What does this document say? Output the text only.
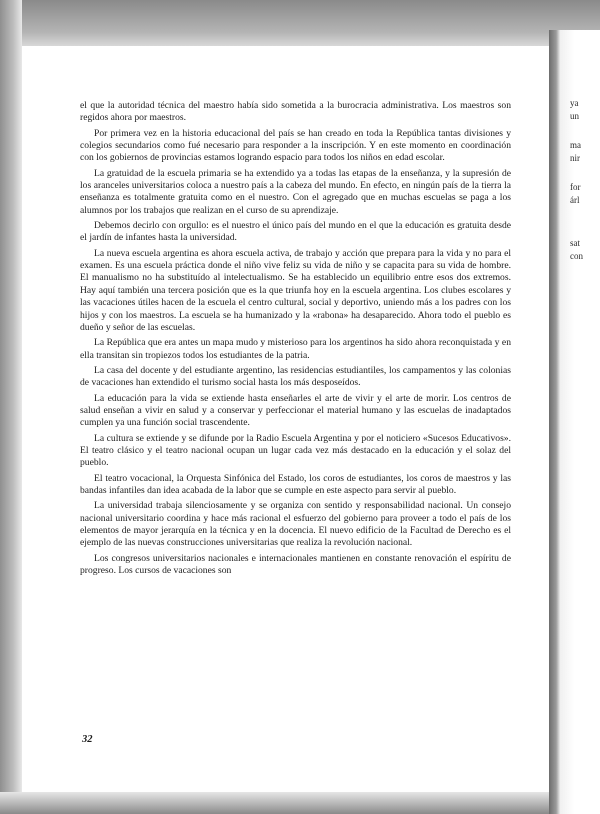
ya

un

ma

nir

for

árl

sat

con

el que la autoridad técnica del maestro había sido sometida a la burocracia administrativa. Los maestros son regidos ahora por maestros.

Por primera vez en la historia educacional del país se han creado en toda la República tantas divisiones y colegios secundarios como fué necesario para responder a la inscripción. Y en este momento en coordinación con los gobiernos de provincias estamos logrando espacio para todos los niños en edad escolar.

La gratuidad de la escuela primaria se ha extendido ya a todas las etapas de la enseñanza, y la supresión de los aranceles universitarios coloca a nuestro país a la cabeza del mundo. En efecto, en ningún país de la tierra la enseñanza es totalmente gratuita como en el nuestro. Con el agregado que en muchas escuelas se paga a los alumnos por los trabajos que realizan en el curso de su aprendizaje.

Debemos decirlo con orgullo: es el nuestro el único país del mundo en el que la educación es gratuita desde el jardín de infantes hasta la universidad.

La nueva escuela argentina es ahora escuela activa, de trabajo y acción que prepara para la vida y no para el examen. Es una escuela práctica donde el niño vive feliz su vida de niño y se capacita para su vida de hombre. El manualismo no ha substituído al intelectualismo. Se ha establecido un equilibrio entre esos dos extremos. Hay aquí también una tercera posición que es la que triunfa hoy en la escuela argentina. Los clubes escolares y las vacaciones útiles hacen de la escuela el centro cultural, social y deportivo, uniendo más a los padres con los hijos y con los maestros. La escuela se ha humanizado y la «rabona» ha desaparecido. Ahora todo el pueblo es dueño y señor de las escuelas.

La República que era antes un mapa mudo y misterioso para los argentinos ha sido ahora reconquistada y en ella transitan sin tropiezos todos los estudiantes de la patria.

La casa del docente y del estudiante argentino, las residencias estudiantiles, los campamentos y las colonias de vacaciones han extendido el turismo social hasta los más desposeídos.

La educación para la vida se extiende hasta enseñarles el arte de vivir y el arte de morir. Los centros de salud enseñan a vivir en salud y a conservar y perfeccionar el material humano y las escuelas de inadaptados cumplen ya una función social trascendente.

La cultura se extiende y se difunde por la Radio Escuela Argentina y por el noticiero «Sucesos Educativos». El teatro clásico y el teatro nacional ocupan un lugar cada vez más destacado en la educación y el solaz del pueblo.

El teatro vocacional, la Orquesta Sinfónica del Estado, los coros de estudiantes, los coros de maestros y las bandas infantiles dan idea acabada de la labor que se cumple en este aspecto para servir al pueblo.

La universidad trabaja silenciosamente y se organiza con sentido y responsabilidad nacional. Un consejo nacional universitario coordina y hace más racional el esfuerzo del gobierno para proveer a todo el país de los elementos de mayor jerarquía en la técnica y en la docencia. El nuevo edificio de la Facultad de Derecho es el ejemplo de las nuevas construcciones universitarias que realiza la revolución nacional.

Los congresos universitarios nacionales e internacionales mantienen en constante renovación el espíritu de progreso. Los cursos de vacaciones son

32
